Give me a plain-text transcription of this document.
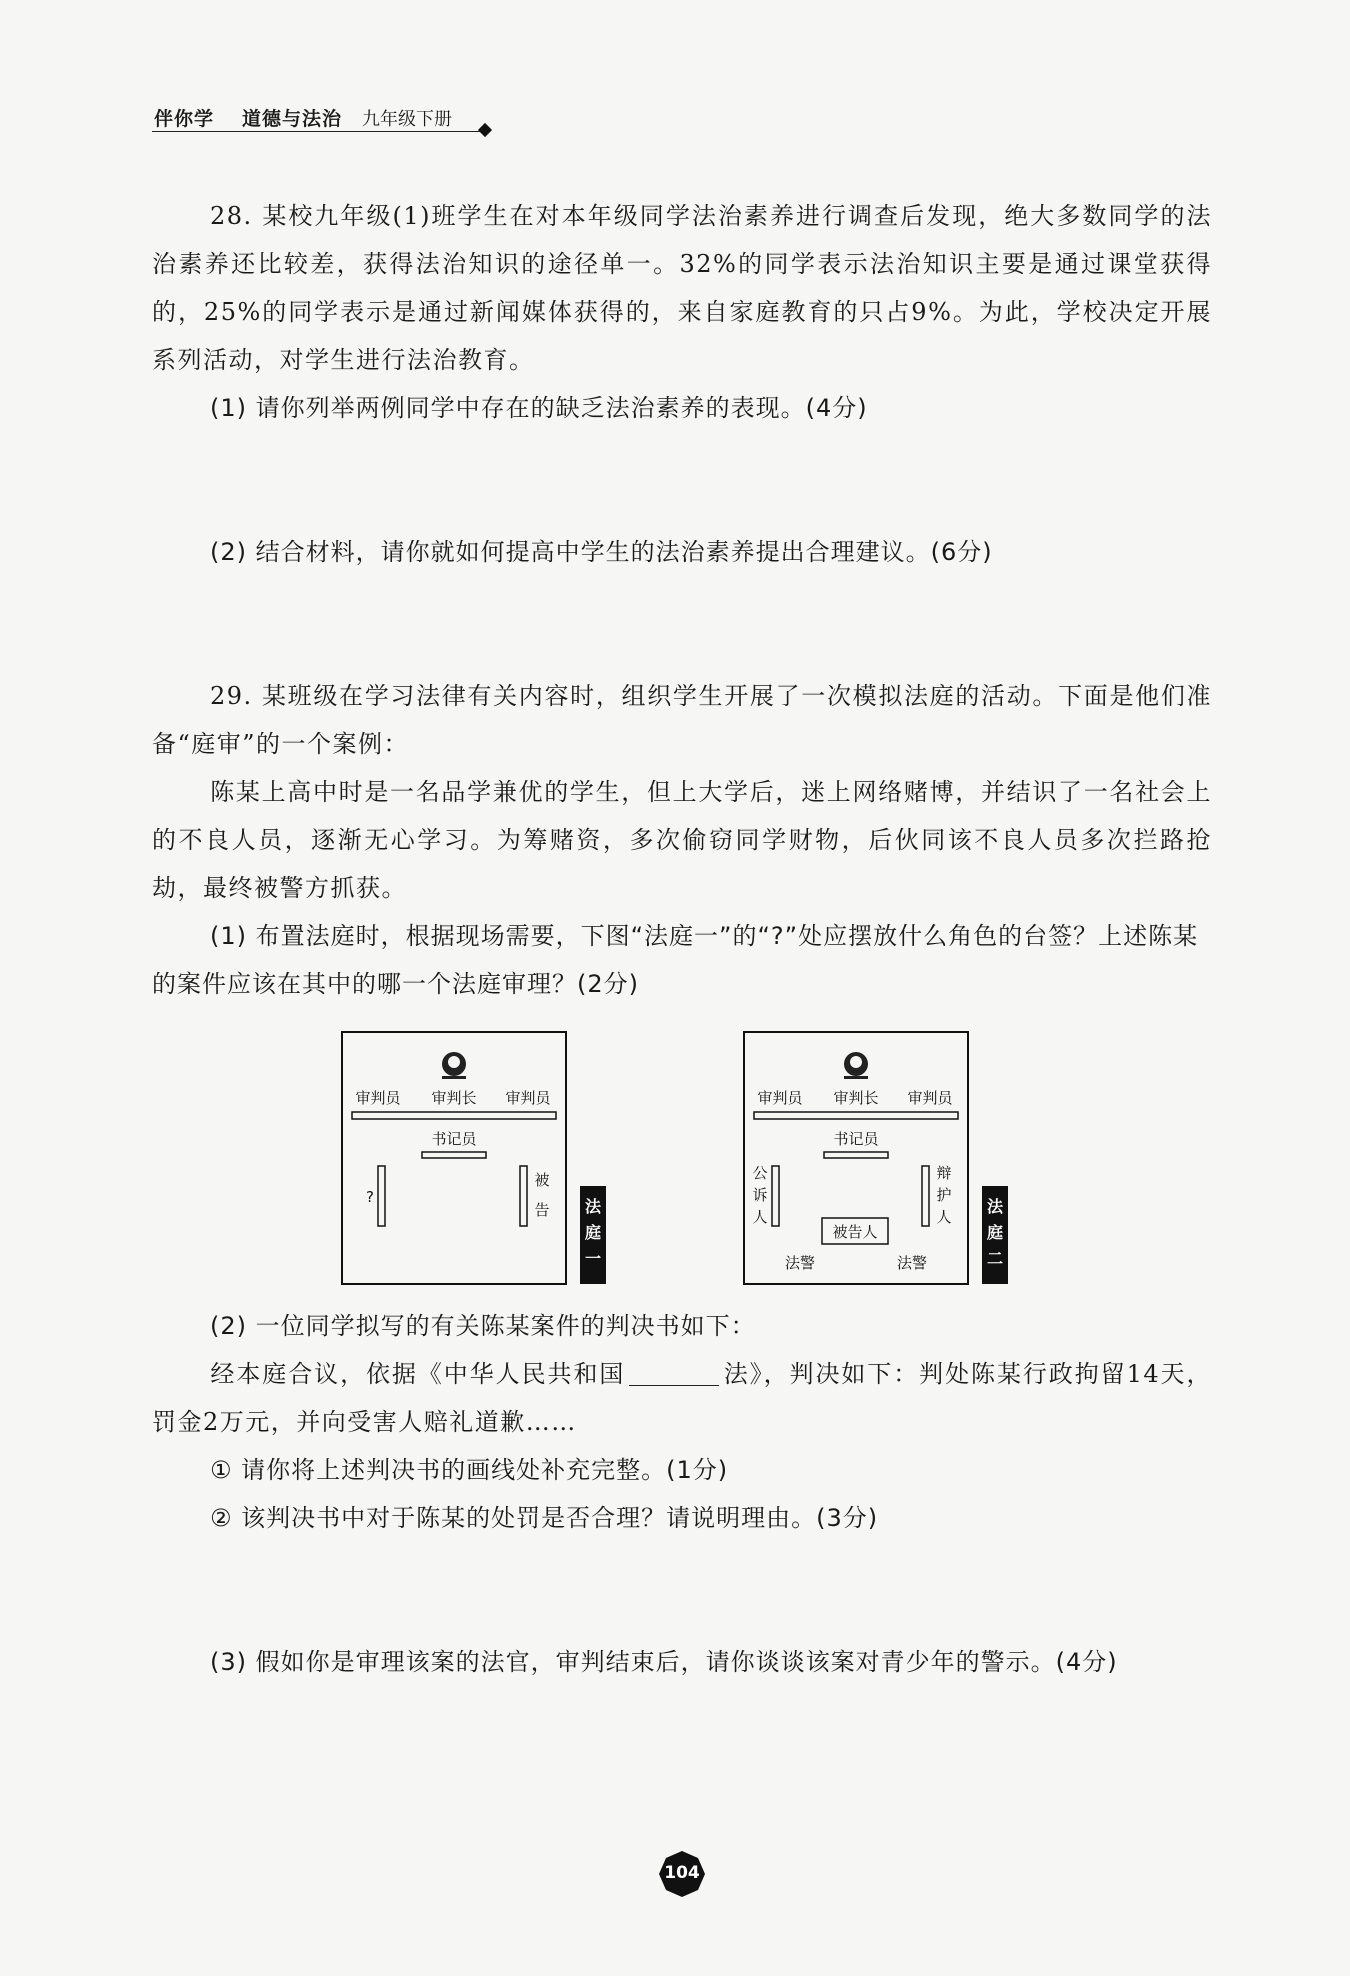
伴你学 道德与法治 九年级下册
28. 某校九年级(1)班学生在对本年级同学法治素养进行调查后发现，绝大多数同学的法治素养还比较差，获得法治知识的途径单一。32%的同学表示法治知识主要是通过课堂获得的，25%的同学表示是通过新闻媒体获得的，来自家庭教育的只占9%。为此，学校决定开展系列活动，对学生进行法治教育。
(1) 请你列举两例同学中存在的缺乏法治素养的表现。(4分)
(2) 结合材料，请你就如何提高中学生的法治素养提出合理建议。(6分)
29. 某班级在学习法律有关内容时，组织学生开展了一次模拟法庭的活动。下面是他们准备“庭审”的一个案例：
陈某上高中时是一名品学兼优的学生，但上大学后，迷上网络赌博，并结识了一名社会上的不良人员，逐渐无心学习。为筹赌资，多次偷窃同学财物，后伙同该不良人员多次拦路抢劫，最终被警方抓获。
(1) 布置法庭时，根据现场需要，下图“法庭一”的“?”处应摆放什么角色的台签？上述陈某的案件应该在其中的哪一个法庭审理？(2分)
审判员 审判长 审判员
书记员
?
被
告 法
庭
一
审判员 审判长 审判员
书记员
公
诉
人
辩
护
人
被告人
法警	法警
法
庭
二
(2) 一位同学拟写的有关陈某案件的判决书如下：
经本庭合议，依据《中华人民共和国	法》，判决如下：判处陈某行政拘留14天，罚金2万元，并向受害人赔礼道歉……
① 请你将上述判决书的画线处补充完整。(1分)
② 该判决书中对于陈某的处罚是否合理？请说明理由。(3分)
(3) 假如你是审理该案的法官，审判结束后，请你谈谈该案对青少年的警示。(4分)
104
